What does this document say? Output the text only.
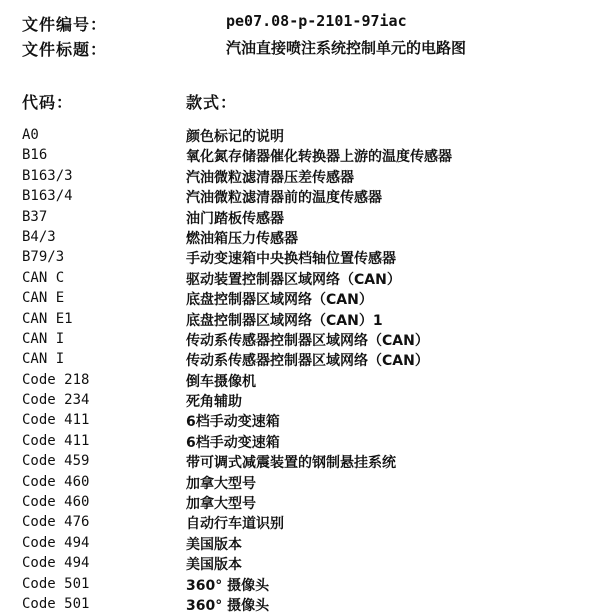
文件编号：	pe07.08-p-2101-97iac
文件标题：	汽油直接喷注系统控制单元的电路图
代码：	款式：
A0	颜色标记的说明
B16	氧化氮存储器催化转换器上游的温度传感器
B163/3	汽油微粒滤清器压差传感器
B163/4	汽油微粒滤清器前的温度传感器
B37	油门踏板传感器
B4/3	燃油箱压力传感器
B79/3	手动变速箱中央换档轴位置传感器
CAN C	驱动装置控制器区域网络（CAN）
CAN E	底盘控制器区域网络（CAN）
CAN E1	底盘控制器区域网络（CAN）1
CAN I	传动系传感器控制器区域网络（CAN）
CAN I	传动系传感器控制器区域网络（CAN）
Code 218	倒车摄像机
Code 234	死角辅助
Code 411	6档手动变速箱
Code 411	6档手动变速箱
Code 459	带可调式减震装置的钢制悬挂系统
Code 460	加拿大型号
Code 460	加拿大型号
Code 476	自动行车道识别
Code 494	美国版本
Code 494	美国版本
Code 501	360° 摄像头
Code 501	360° 摄像头
